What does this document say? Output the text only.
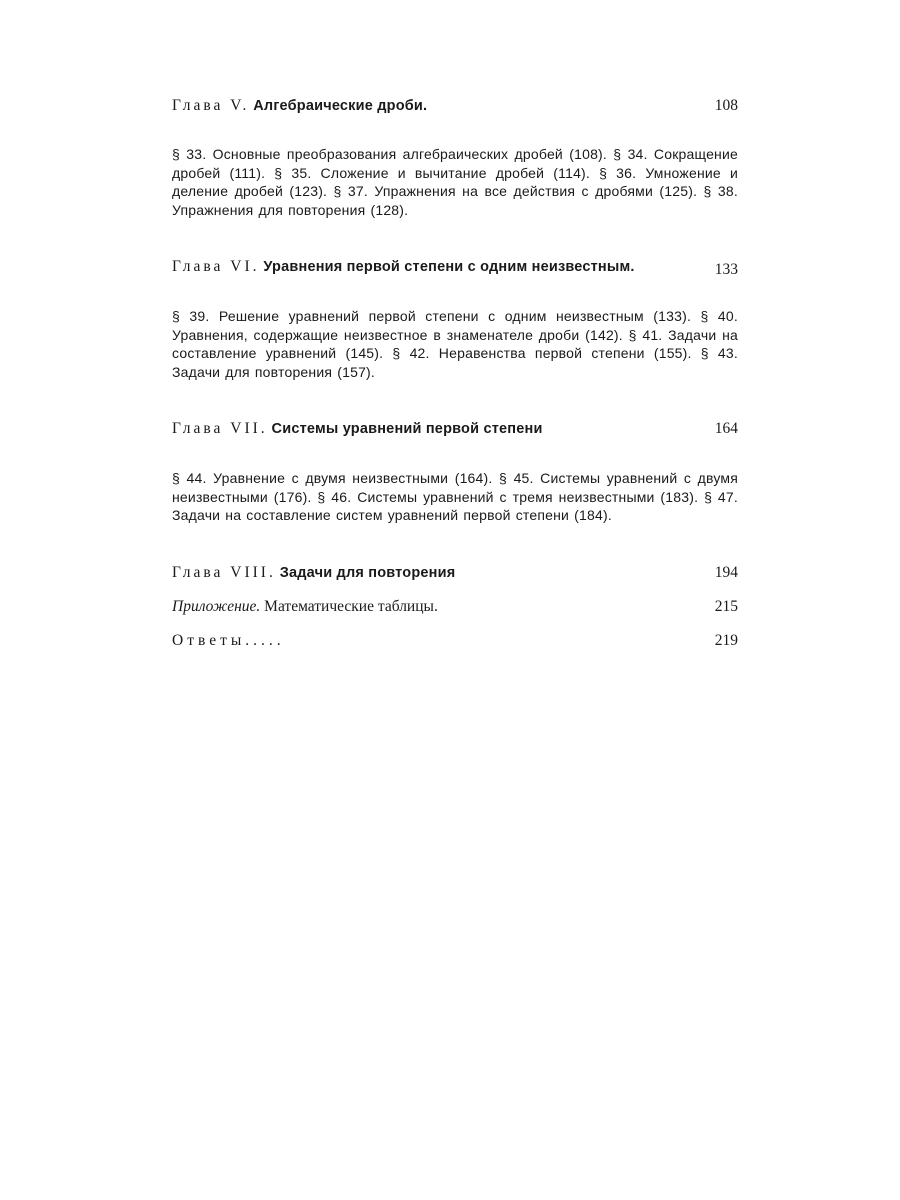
Глава V. Алгебраические дроби.	108

§ 33. Основные преобразования алгебраических дробей (108). § 34. Сокращение дробей (111). § 35. Сложение и вычитание дробей (114). § 36. Умножение и деление дробей (123). § 37. Упражнения на все действия с дробями (125). § 38. Упражнения для повторения (128).

Глава VI. Уравнения первой степени с одним неизвестным.	133

§ 39. Решение уравнений первой степени с одним неизвестным (133). § 40. Уравнения, содержащие неизвестное в знаменателе дроби (142). § 41. Задачи на составление уравнений (145). § 42. Неравенства первой степени (155). § 43. Задачи для повторения (157).

Глава VII. Системы уравнений первой степени	164

§ 44. Уравнение с двумя неизвестными (164). § 45. Системы уравнений с двумя неизвестными (176). § 46. Системы уравнений с тремя неизвестными (183). § 47. Задачи на составление систем уравнений первой степени (184).

Глава VIII. Задачи для повторения	194
Приложение. Математические таблицы.	215
Ответы.....	219
